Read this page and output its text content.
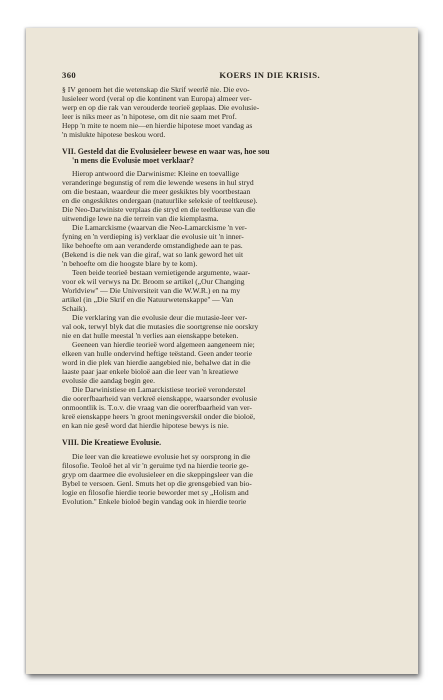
360	KOERS IN DIE KRISIS.
§ IV genoem het die wetenskap die Skrif weerlê nie. Die evo-
lusieleer word (veral op die kontinent van Europa) almeer ver-
werp en op die rak van verouderde teorieë geplaas. Die evolusie-
leer is niks meer as 'n hipotese, om dit nie saam met Prof.
Hepp 'n mite te noem nie—en hierdie hipotese moet vandag as
'n mislukte hipotese beskou word.
VII. Gesteld dat die Evolusieleer bewese en waar was, hoe sou
'n mens die Evolusie moet verklaar?
Hierop antwoord die Darwinisme: Kleine en toevallige
veranderinge begunstig of rem die lewende wesens in hul stryd
om die bestaan, waardeur die meer geskiktes bly voortbestaan
en die ongeskiktes ondergaan (natuurlike seleksie of teeltkeuse).
Die Neo-Darwiniste verplaas die stryd en die teeltkeuse van die
uitwendige lewe na die terrein van die kiemplasma.
Die Lamarckisme (waarvan die Neo-Lamarckisme 'n ver-
fyning en 'n verdieping is) verklaar die evolusie uit 'n inner-
like behoefte om aan veranderde omstandighede aan te pas.
(Bekend is die nek van die giraf, wat so lank geword het uit
'n behoefte om die hoogste blare by te kom).
Teen beide teorieë bestaan vernietigende argumente, waar-
voor ek wil verwys na Dr. Broom se artikel („Our Changing
Worldview'' — Die Universiteit van die W.W.R.) en na my
artikel (in „Die Skrif en die Natuurwetenskappe'' — Van
Schaik).
Die verklaring van die evolusie deur die mutasie-leer ver-
val ook, terwyl blyk dat die mutasies die soortgrense nie oorskry
nie en dat hulle meestal 'n verlies aan eienskappe beteken.
Geeneen van hierdie teorieë word algemeen aangeneem nie;
elkeen van hulle ondervind heftige teëstand. Geen ander teorie
word in die plek van hierdie aangebied nie, behalwe dat in die
laaste paar jaar enkele bioloë aan die leer van 'n kreatiewe
evolusie die aandag begin gee.
Die Darwinistiese en Lamarckistiese teorieë veronderstel
die oorerfbaarheid van verkreë eienskappe, waarsonder evolusie
onmoontlik is. T.o.v. die vraag van die oorerfbaarheid van ver-
kreë eienskappe heers 'n groot meningsverskil onder die bioloë,
en kan nie gesê word dat hierdie hipotese bewys is nie.
VIII. Die Kreatiewe Evolusie.
Die leer van die kreatiewe evolusie het sy oorsprong in die
filosofie. Teoloë het al vir 'n geruime tyd na hierdie teorie ge-
gryp om daarmee die evolusieleer en die skeppingsleer van die
Bybel te versoen. Genl. Smuts het op die grensgebied van bio-
logie en filosofie hierdie teorie beworder met sy „Holism and
Evolution.'' Enkele bioloë begin vandag ook in hierdie teorie
